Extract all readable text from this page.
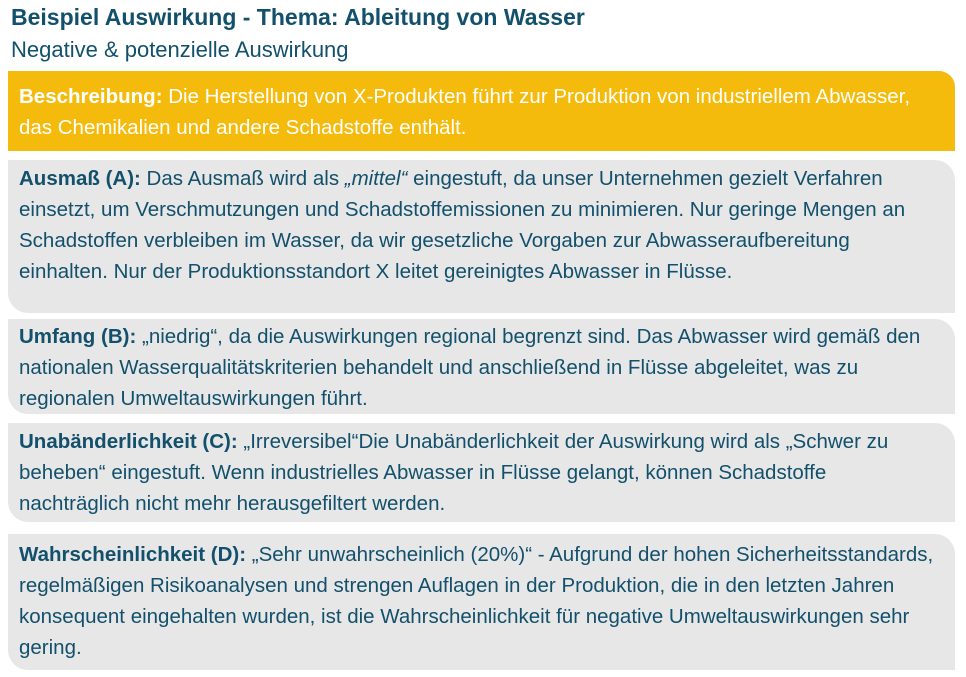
Beispiel Auswirkung - Thema: Ableitung von Wasser
Negative & potenzielle Auswirkung
Beschreibung: Die Herstellung von X-Produkten führt zur Produktion von industriellem Abwasser, das Chemikalien und andere Schadstoffe enthält.
Ausmaß (A): Das Ausmaß wird als „mittel“ eingestuft, da unser Unternehmen gezielt Verfahren einsetzt, um Verschmutzungen und Schadstoffemissionen zu minimieren. Nur geringe Mengen an Schadstoffen verbleiben im Wasser, da wir gesetzliche Vorgaben zur Abwasseraufbereitung einhalten. Nur der Produktionsstandort X leitet gereinigtes Abwasser in Flüsse.
Umfang (B): „niedrig“, da die Auswirkungen regional begrenzt sind. Das Abwasser wird gemäß den nationalen Wasserqualitätskriterien behandelt und anschließend in Flüsse abgeleitet, was zu regionalen Umweltauswirkungen führt.
Unabänderlichkeit (C): „Irreversibel“Die Unabänderlichkeit der Auswirkung wird als „Schwer zu beheben“ eingestuft. Wenn industrielles Abwasser in Flüsse gelangt, können Schadstoffe nachträglich nicht mehr herausgefiltert werden.
Wahrscheinlichkeit (D): „Sehr unwahrscheinlich (20%)“ - Aufgrund der hohen Sicherheitsstandards, regelmäßigen Risikoanalysen und strengen Auflagen in der Produktion, die in den letzten Jahren konsequent eingehalten wurden, ist die Wahrscheinlichkeit für negative Umweltauswirkungen sehr gering.
